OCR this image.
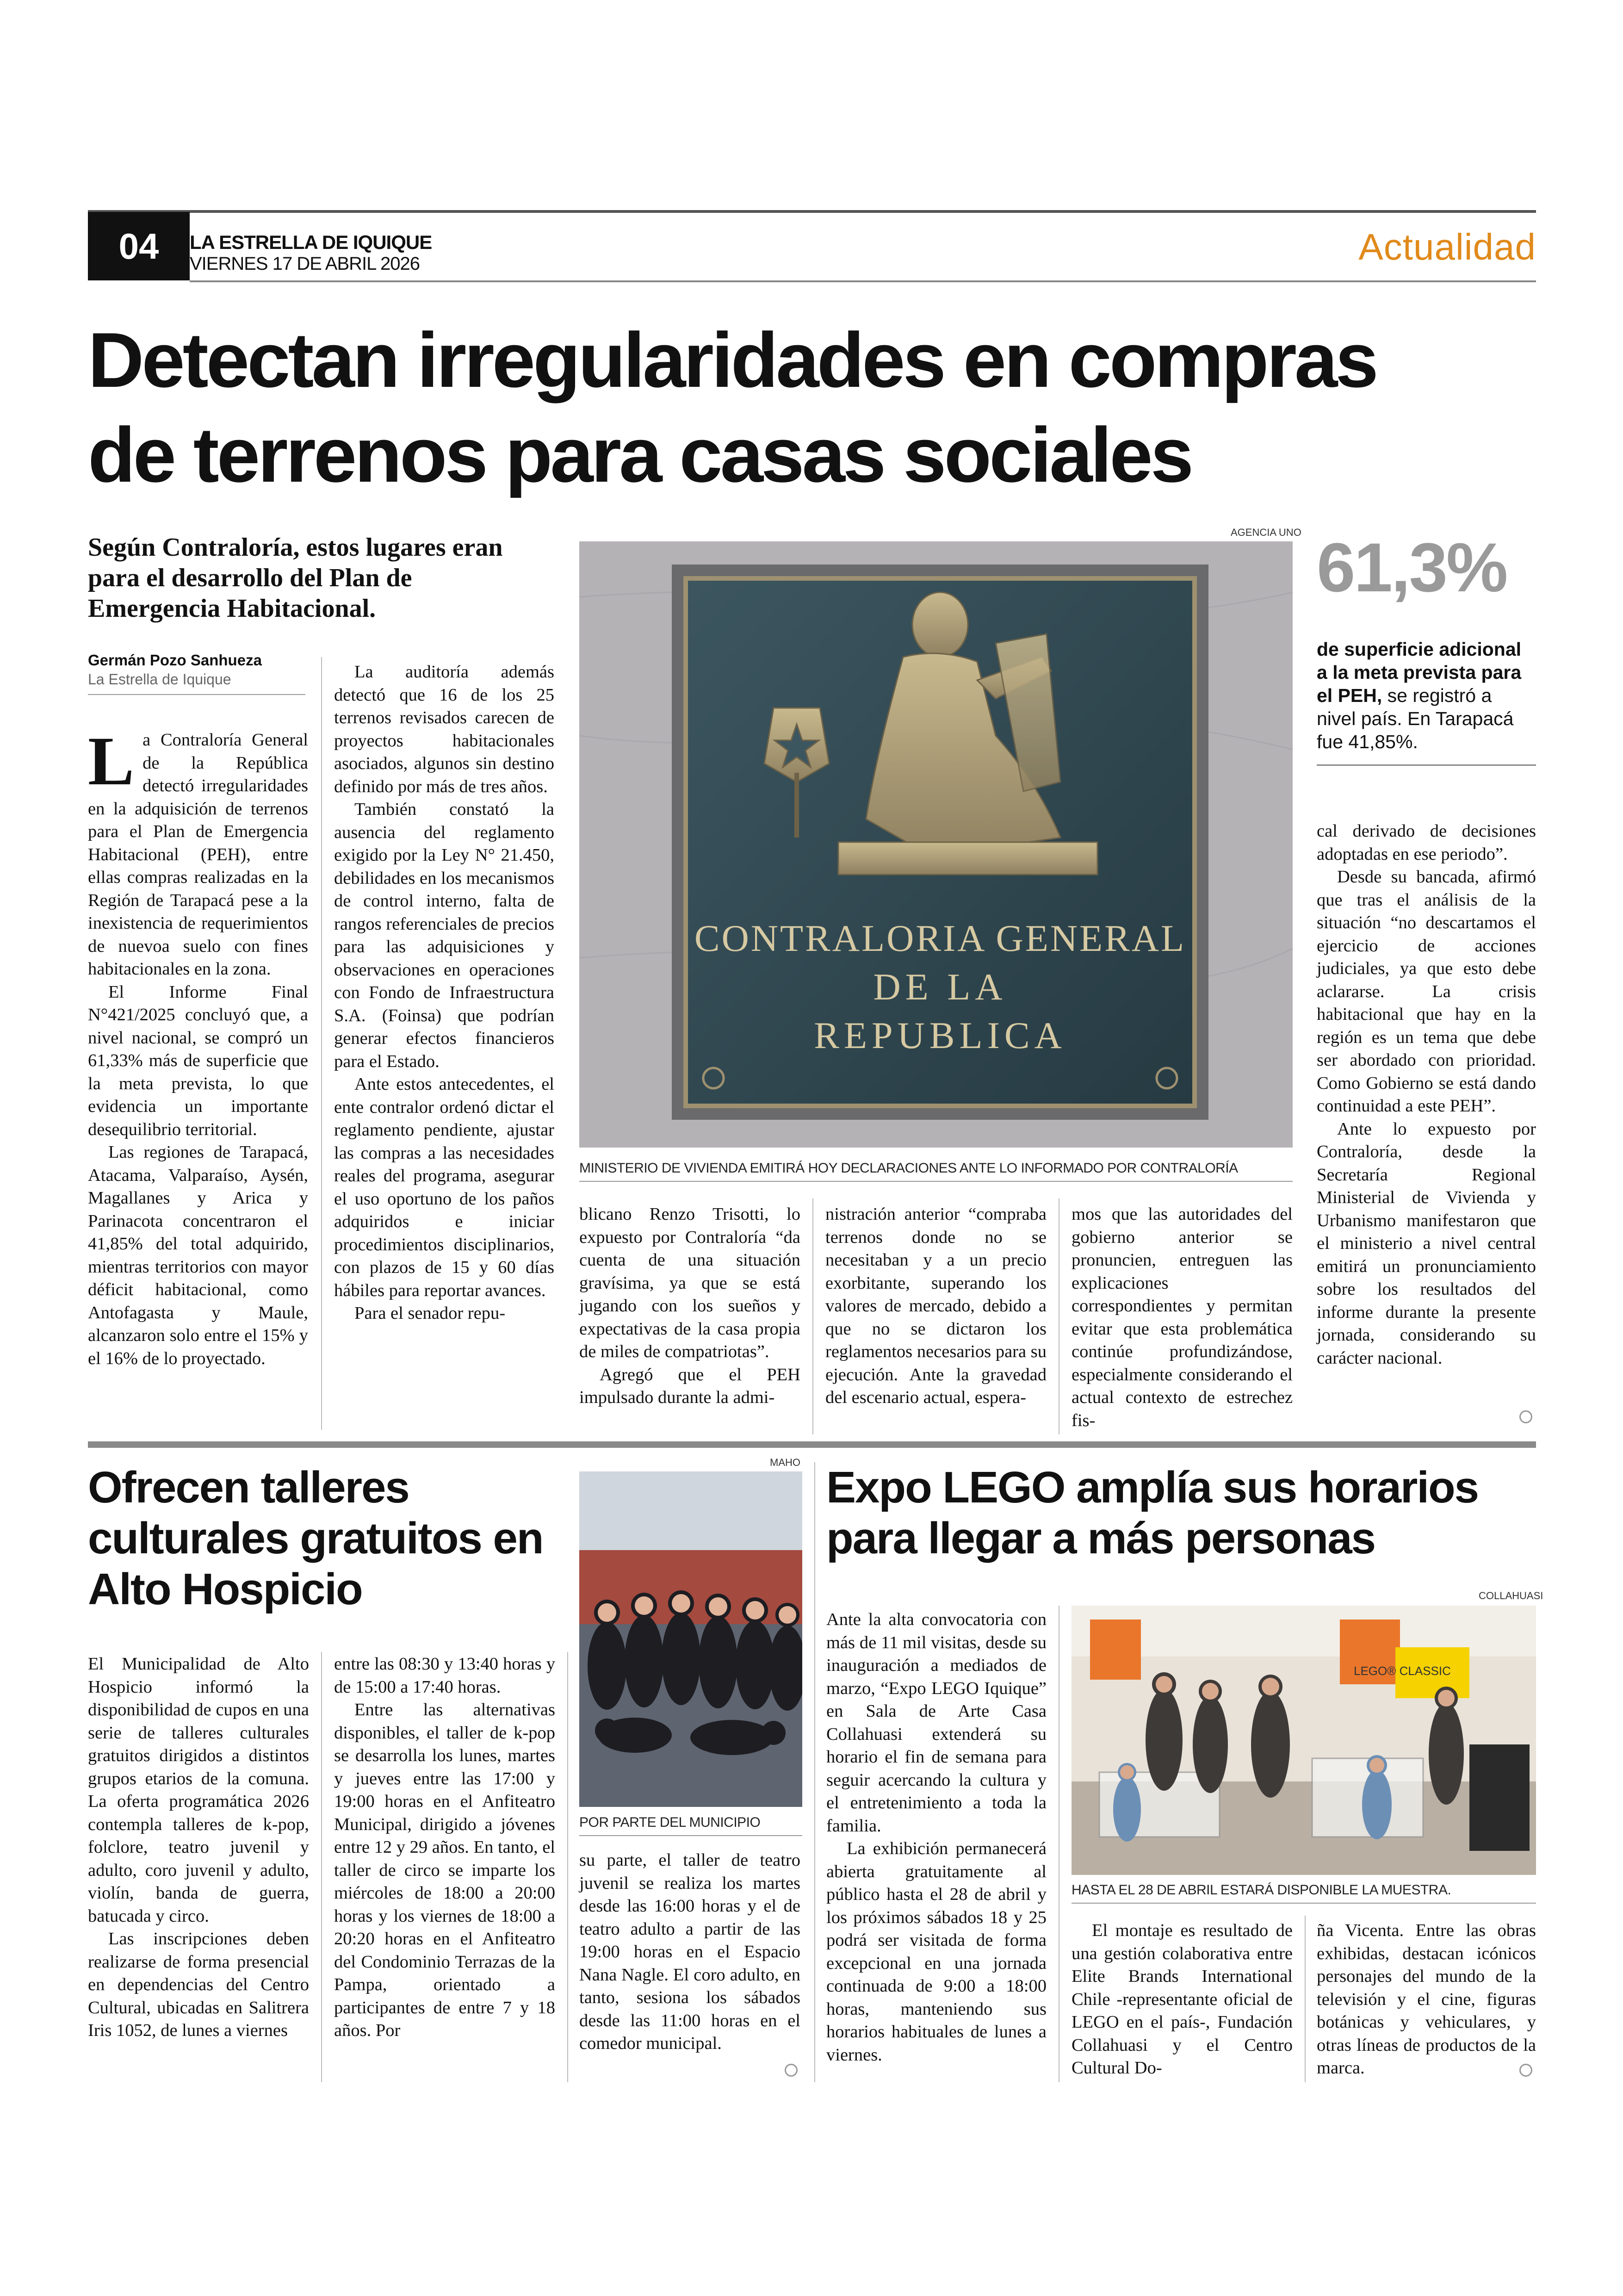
04	LA ESTRELLA DE IQUIQUE
VIERNES 17 DE ABRIL 2026	Actualidad
Detectan irregularidades en compras
de terrenos para casas sociales

Según Contraloría, estos lugares eran para el desarrollo del Plan de Emergencia Habitacional.

Germán Pozo Sanhueza
La Estrella de Iquique

La Contraloría General de la República detectó irregularidades en la adquisición de terrenos para el Plan de Emergencia Habitacional (PEH), entre ellas compras realizadas en la Región de Tarapacá pese a la inexistencia de requerimientos de nuevoa suelo con fines habitacionales en la zona.

El Informe Final N°421/2025 concluyó que, a nivel nacional, se compró un 61,33% más de superficie que la meta prevista, lo que evidencia un importante desequilibrio territorial.

Las regiones de Tarapacá, Atacama, Valparaíso, Aysén, Magallanes y Arica y Parinacota concentraron el 41,85% del total adquirido, mientras territorios con mayor déficit habitacional, como Antofagasta y Maule, alcanzaron solo entre el 15% y el 16% de lo proyectado.

La auditoría además detectó que 16 de los 25 terrenos revisados carecen de proyectos habitacionales asociados, algunos sin destino definido por más de tres años.

También constató la ausencia del reglamento exigido por la Ley N° 21.450, debilidades en los mecanismos de control interno, falta de rangos referenciales de precios para las adquisiciones y observaciones en operaciones con Fondo de Infraestructura S.A. (Foinsa) que podrían generar efectos financieros para el Estado.

Ante estos antecedentes, el ente contralor ordenó dictar el reglamento pendiente, ajustar las compras a las necesidades reales del programa, asegurar el uso oportuno de los paños adquiridos e iniciar procedimientos disciplinarios, con plazos de 15 y 60 días hábiles para reportar avances.

Para el senador repu-

AGENCIA UNO
CONTRALORIA GENERAL
DE LA
REPUBLICA
MINISTERIO DE VIVIENDA EMITIRÁ HOY DECLARACIONES ANTE LO INFORMADO POR CONTRALORÍA
61,3%
de superficie adicional a la meta prevista para el PEH, se registró a nivel país. En Tarapacá fue 41,85%.

cal derivado de decisiones adoptadas en ese periodo”.

Desde su bancada, afirmó que tras el análisis de la situación “no descartamos el ejercicio de acciones judiciales, ya que esto debe aclararse. La crisis habitacional que hay en la región es un tema que debe ser abordado con prioridad. Como Gobierno se está dando continuidad a este PEH”.

Ante lo expuesto por Contraloría, desde la Secretaría Regional Ministerial de Vivienda y Urbanismo manifestaron que el ministerio a nivel central emitirá un pronunciamiento sobre los resultados del informe durante la presente jornada, considerando su carácter nacional.

blicano Renzo Trisotti, lo expuesto por Contraloría “da cuenta de una situación gravísima, ya que se está jugando con los sueños y expectativas de la casa propia de miles de compatriotas”.

Agregó que el PEH impulsado durante la admi-

nistración anterior “compraba terrenos donde no se necesitaban y a un precio exorbitante, superando los valores de mercado, debido a que no se dictaron los reglamentos necesarios para su ejecución. Ante la gravedad del escenario actual, espera-

mos que las autoridades del gobierno anterior se pronuncien, entreguen las explicaciones correspondientes y permitan evitar que esta problemática continúe profundizándose, especialmente considerando el actual contexto de estrechez fis-

Ofrecen talleres culturales gratuitos en Alto Hospicio

El Municipalidad de Alto Hospicio informó la disponibilidad de cupos en una serie de talleres culturales gratuitos dirigidos a distintos grupos etarios de la comuna. La oferta programática 2026 contempla talleres de k-pop, folclore, teatro juvenil y adulto, coro juvenil y adulto, violín, banda de guerra, batucada y circo.

Las inscripciones deben realizarse de forma presencial en dependencias del Centro Cultural, ubicadas en Salitrera Iris 1052, de lunes a viernes

entre las 08:30 y 13:40 horas y de 15:00 a 17:40 horas.

Entre las alternativas disponibles, el taller de k-pop se desarrolla los lunes, martes y jueves entre las 17:00 y 19:00 horas en el Anfiteatro Municipal, dirigido a jóvenes entre 12 y 29 años. En tanto, el taller de circo se imparte los miércoles de 18:00 a 20:00 horas y los viernes de 18:00 a 20:20 horas en el Anfiteatro del Condominio Terrazas de la Pampa, orientado a participantes de entre 7 y 18 años. Por

MAHO
POR PARTE DEL MUNICIPIO

su parte, el taller de teatro juvenil se realiza los martes desde las 16:00 horas y el de teatro adulto a partir de las 19:00 horas en el Espacio Nana Nagle. El coro adulto, en tanto, sesiona los sábados desde las 11:00 horas en el comedor municipal.

Expo LEGO amplía sus horarios para llegar a más personas

Ante la alta convocatoria con más de 11 mil visitas, desde su inauguración a mediados de marzo, “Expo LEGO Iquique” en Sala de Arte Casa Collahuasi extenderá su horario el fin de semana para seguir acercando la cultura y el entretenimiento a toda la familia.

La exhibición permanecerá abierta gratuitamente al público hasta el 28 de abril y los próximos sábados 18 y 25 podrá ser visitada de forma excepcional en una jornada continuada de 9:00 a 18:00 horas, manteniendo sus horarios habituales de lunes a viernes.

COLLAHUASI
LEGO® CLASSIC
HASTA EL 28 DE ABRIL ESTARÁ DISPONIBLE LA MUESTRA.

El montaje es resultado de una gestión colaborativa entre Elite Brands International Chile -representante oficial de LEGO en el país-, Fundación Collahuasi y el Centro Cultural Do-

ña Vicenta. Entre las obras exhibidas, destacan icónicos personajes del mundo de la televisión y el cine, figuras botánicas y vehiculares, y otras líneas de productos de la marca.
